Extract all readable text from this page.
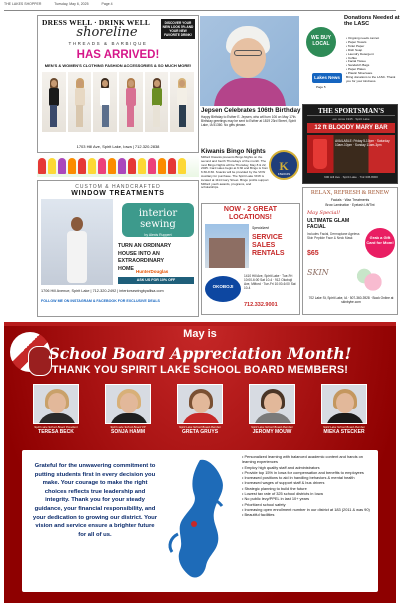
THE LAKES SHOPPER	Tuesday, May 6, 2025	Page 4
DRESS WELL · DRINK WELL	DISCOVER YOUR NEW LOOK 5% AND YOUR NEW FAVORITE DRINK!
shoreline
THREADS & BARBIQUE
HAS ARRIVED!
MEN'S & WOMEN'S CLOTHING FASHION ACCESSORIES & SO MUCH MORE!
1703 Hill Ave, Spirit Lake, Iowa | 712.320.2838
Jepsen Celebrates 106th Birthday
Happy Birthday to Esther E. Jepsen, who will turn 106 on May 17th. Birthday greetings may be sent to Esther at 1819 23rd Street, Spirit Lake, IA 51360. No gifts please.
Kiwanis Bingo Nights
Milford Kiwanis presents Bingo Nights on the second and fourth Thursdays of the month. The next Bingo Nights will be Thursday, May 8 & 22, 2025. Card sales begin at 6:30 and Bingo is from 6:30-8:30. Snacks will be provided by the VFW Auxiliary for purchase. The Spirit Lake VFW is located at 1114 Gary Street. Bingo profits support Milford youth awards, programs, and scholarships.
K
KIWANIS
Donations Needed at the LASC
WE BUY LOCAL
Lakes News
Page 5
• Ongoing needs cannot
• Paper Towels
• Toilet Paper
• Dish Soap
• Laundry Detergent
• Coffee
• Facial Tissue
• Sandwich Bags
• Paper Plates
• Plastic Silverware
Bring donations to the LASC. Thank you for your kindness.
THE SPORTSMAN'S
est. since 1945 · Spirit Lake
12 ft BLOODY MARY BAR
AVAILABLE: Friday 5-10pm · Saturday 10am-10pm · Sunday 11am-3pm
900 Hill Ave · Spirit Lake · 712.336.8000
CUSTOM & HANDCRAFTED
WINDOW TREATMENTS
interior sewing
by Alexis Ruppert
TURN AN ORDINARY HOUSE INTO AN EXTRAORDINARY HOME HunterDouglas
ASK US FOR 10% OFF
1706 Hill Avenue, Spirit Lake | 712-320-2492 | interiorsewingbyallisa.com
FOLLOW ME ON INSTAGRAM & FACEBOOK FOR EXCLUSIVE DEALS
NOW - 2 GREAT LOCATIONS!
Specialized
SERVICE SALES RENTALS
OKOBOJI
1410 Hill Ave, Spirit Lake · Tue-Fri 10:00-6:00 Sat 10-4 · 912 Okoboji Ave, Milford · Tue-Fri 10:00-6:00 Sat 10-4
712.332.9001
RELAX, REFRESH & RENEW
Facials · Wax Treatments
Brow Lamination · Eyelash Lift/Tint
May Special!
ULTIMATE GLAM FACIAL
Includes Facial, Dermaplane Ageless Skin Peptide Face & Neck Mask
$65
Grab a Gift Card for Mom!
SKIN
702 Lake St, Spirit Lake, IA · 507-360-3928 · Book Online at skinbybe.com
May is
School Board Appreciation Month!
THANK YOU SPIRIT LAKE SCHOOL BOARD MEMBERS!
Spirit Lake School Board President
TERESA BECK
Spirit Lake School Board VP
SONJA HAMM
Spirit Lake School Board Member
GRETA GRUYS
Spirit Lake School Board Member
JEROMY MOUW
Spirit Lake School Board Member
MIEKA STECKER
Grateful for the unwavering commitment to putting students first in every decision you make. Your courage to make the right choices reflects true leadership and integrity. Thank you for your steady guidance, your financial responsibility, and your dedication to growing our district. Your vision and service ensure a brighter future for all of us.
• Personalized learning with balanced academic content and hands on learning experiences
• Employ high quality staff and administrators
• Provide top 15% in Iowa for compensation and benefits to employees
• Increased positions to aid in handling behaviors & mental health
• Increased wages of support staff & bus drivers
• Strategic planning to build the future
• Lowest tax rate of 325 school districts in Iowa
• No public levy/PPEL in last 10+ years
• Prioritized school safety
• Increasing open enrollment number in our district at 183 (2011 & was 90)
• Beautiful facilities
